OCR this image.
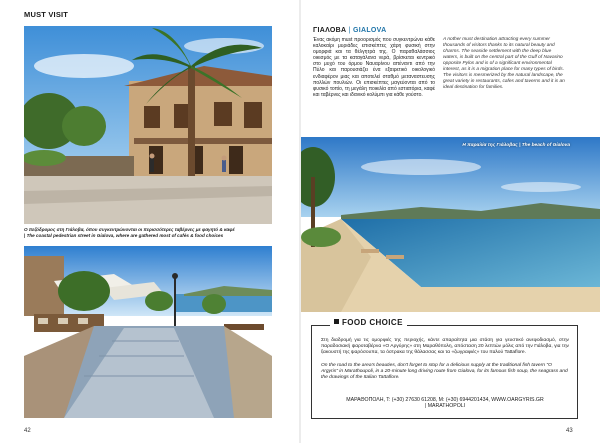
MUST VISIT
Ο πεζόδρομος στη Γιάλοβα, όπου συγκεντρώνονται οι περισσότερες ταβέρνες με φαγητό & καφέ
| The coastal pedestrian street in Gialova, where are gathered most of cafés & food choices
42
ΓΙΑΛΟΒΑ | GIALOVA
Ένας ακόμη must προορισμός που συγκεντρώνει κάθε καλοκαίρι μυριάδες επισκέπτες χάρη φυσική στην ομορφιά και τα θέλγητρά της. Ο παραθαλάσσιος οικισμός με τα καταγάλανα νερά, βρίσκεται κεντρικό στο μυχό του όρμου Ναυαρίνου απέναντι από την Πύλο και παρουσιάζει ένα εξαιρετικό οικολογικό ενδιαφέρον μιας και αποτελεί σταθμό μεταναστευσης πολλών πουλιών. Οι επισκέπτες μαγεύονται από το φυσικό τοπίο, τη μεγάλη ποικιλία από εστιατόρια, καφέ και ταβέρνες και ιδανικό κολύμπι για κάθε γούστο.
A nother must destination attracting every summer thousands of visitors thanks to its natural beauty and charms. The seaside settlement with the deep blue waters, is built on the central part of the Gulf of Navarino opposite Pylos and is of a significant environmental interest, as it is a migration place for many types of birds. The visitors is mesmerized by the natural landscape, the great variety in restaurants, cafes and taverns and it is an ideal destination for families.
Η παραλία της Γιάλοβας | The beach of Gialova
FOOD CHOICE
Στη διαδρομή για τις ομορφιές της περιοχής, κάντε απαραίτητα μια στάση για γευστικό ανεφοδιασμό, στην παραδοσιακή ψαροταβέρνα «Ο Αργύρης» στη Μαραθόπολη, απόσταση 20 λεπτών μόλις από την Γιάλοβα, για την ξακουστή της ψαρόσουπα, τα όστρακα της θάλασσας και τα «ζωγραφιές» του Ιταλού Tattaflore.
On the road to the area's beauties, don't forget to stop for a delicious supply at the traditional fish tavern "O Argyris" in Marathoupoli, in a 20-minute long driving route from Gialova, for its famous fish soup, the seagrass and the drawings of the Italian Tattaflore.
ΜΑΡΑΘΟΠΟΛΗ, Τ: (+30) 27630 61208, Μ: (+30) 6944201434, WWW.OARGYRIS.GR
| MARATHOPOLI
43
